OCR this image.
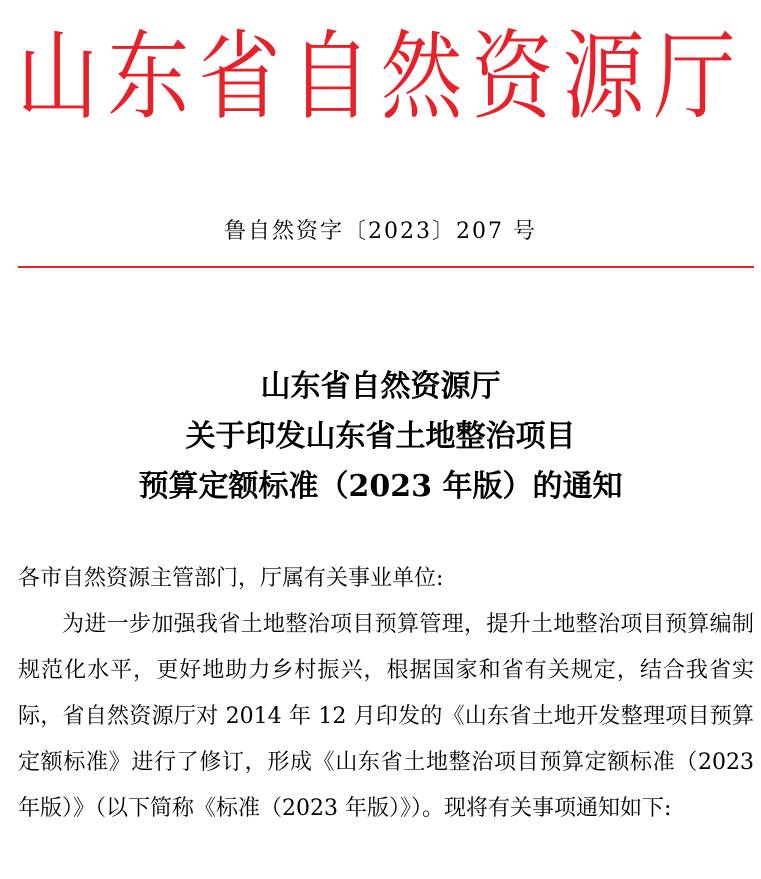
山东省自然资源厅
鲁自然资字〔2023〕207 号
山东省自然资源厅
关于印发山东省土地整治项目
预算定额标准（2023 年版）的通知

各市自然资源主管部门，厅属有关事业单位:

为进一步加强我省土地整治项目预算管理，提升土地整治项目预算编制规范化水平，更好地助力乡村振兴，根据国家和省有关规定，结合我省实际，省自然资源厅对 2014 年 12 月印发的《山东省土地开发整理项目预算定额标准》进行了修订，形成《山东省土地整治项目预算定额标准（2023 年版）》（以下简称《标准（2023 年版）》）。现将有关事项通知如下:
